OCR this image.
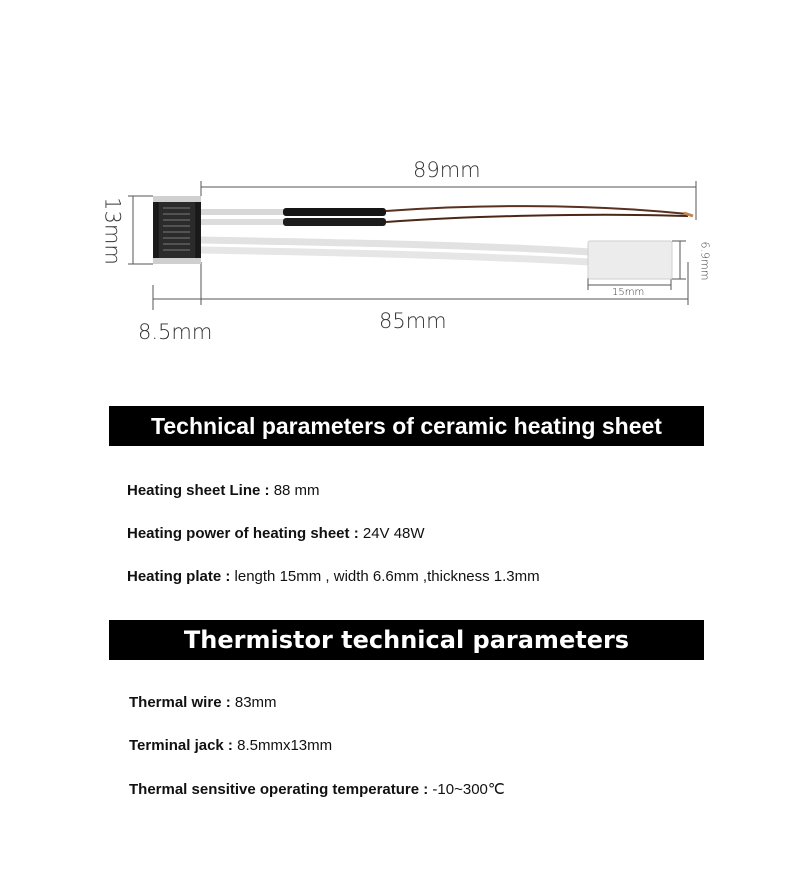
89mm
85mm
8.5mm
13mm
15mm
6.9mm
Technical parameters of ceramic heating sheet
Heating sheet Line : 88 mm
Heating power of heating sheet : 24V 48W
Heating plate : length 15mm , width 6.6mm ,thickness 1.3mm
Thermistor technical parameters
Thermal wire : 83mm
Terminal jack : 8.5mmx13mm
Thermal sensitive operating temperature : -10~300℃
